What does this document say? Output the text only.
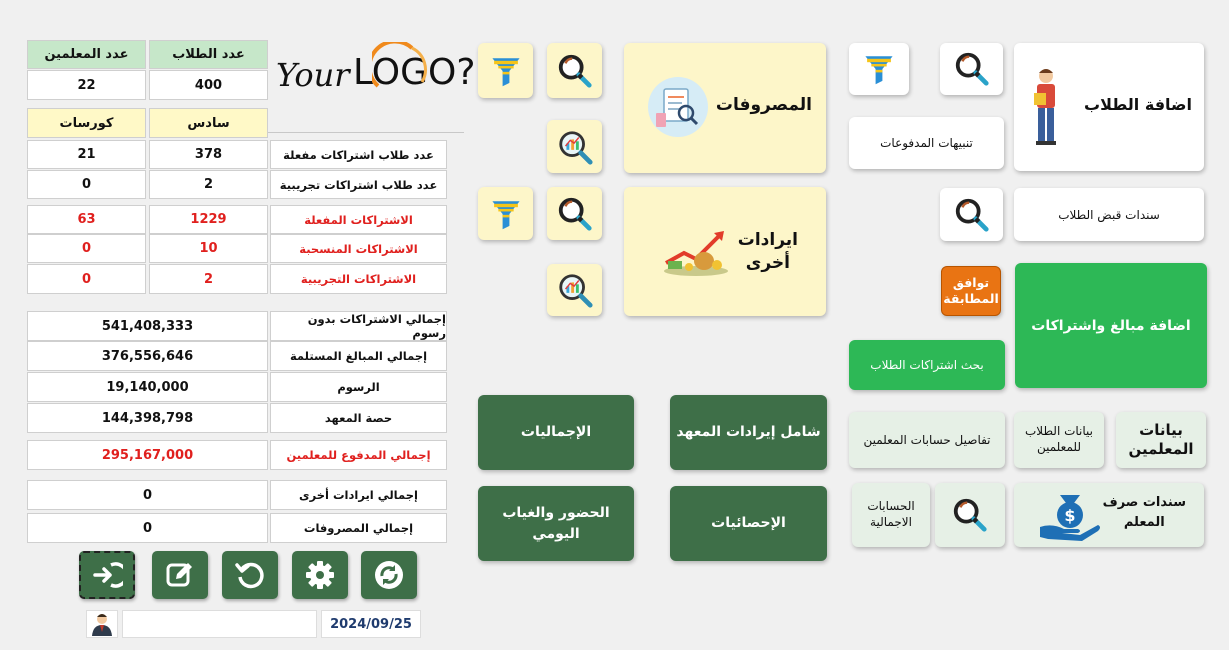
عدد المعلمين	عدد الطلاب
22	400
كورسات	سادس
21	378	عدد طلاب اشتراكات مفعلة
0	2	عدد طلاب اشتراكات تجريبية
63	1229	الاشتراكات المفعلة
0	10	الاشتراكات المنسحبة
0	2	الاشتراكات التجريبية
541,408,333	إجمالي الاشتراكات بدون رسوم
376,556,646	إجمالي المبالغ المستلمة
19,140,000	الرسوم
144,398,798	حصة المعهد
295,167,000	إجمالي المدفوع للمعلمين
0	إجمالي ايرادات أخرى
0	إجمالي المصروفات
Your LOGO?
2024/09/25
المصروفات
ايرادات
أخرى
الإجماليات	شامل إيرادات المعهد
الحضور والغياب
اليومي
الإحصائيات
اضافة الطلاب
تنبيهات المدفوعات
سندات قبض الطلاب
توافق
المطابقة
اضافة مبالغ واشتراكات
بحث اشتراكات الطلاب
تفاصيل حسابات المعلمين
بيانات الطلاب
للمعلمين
بيانات
المعلمين
الحسابات
الاجمالية
سندات صرف
المعلم
$
